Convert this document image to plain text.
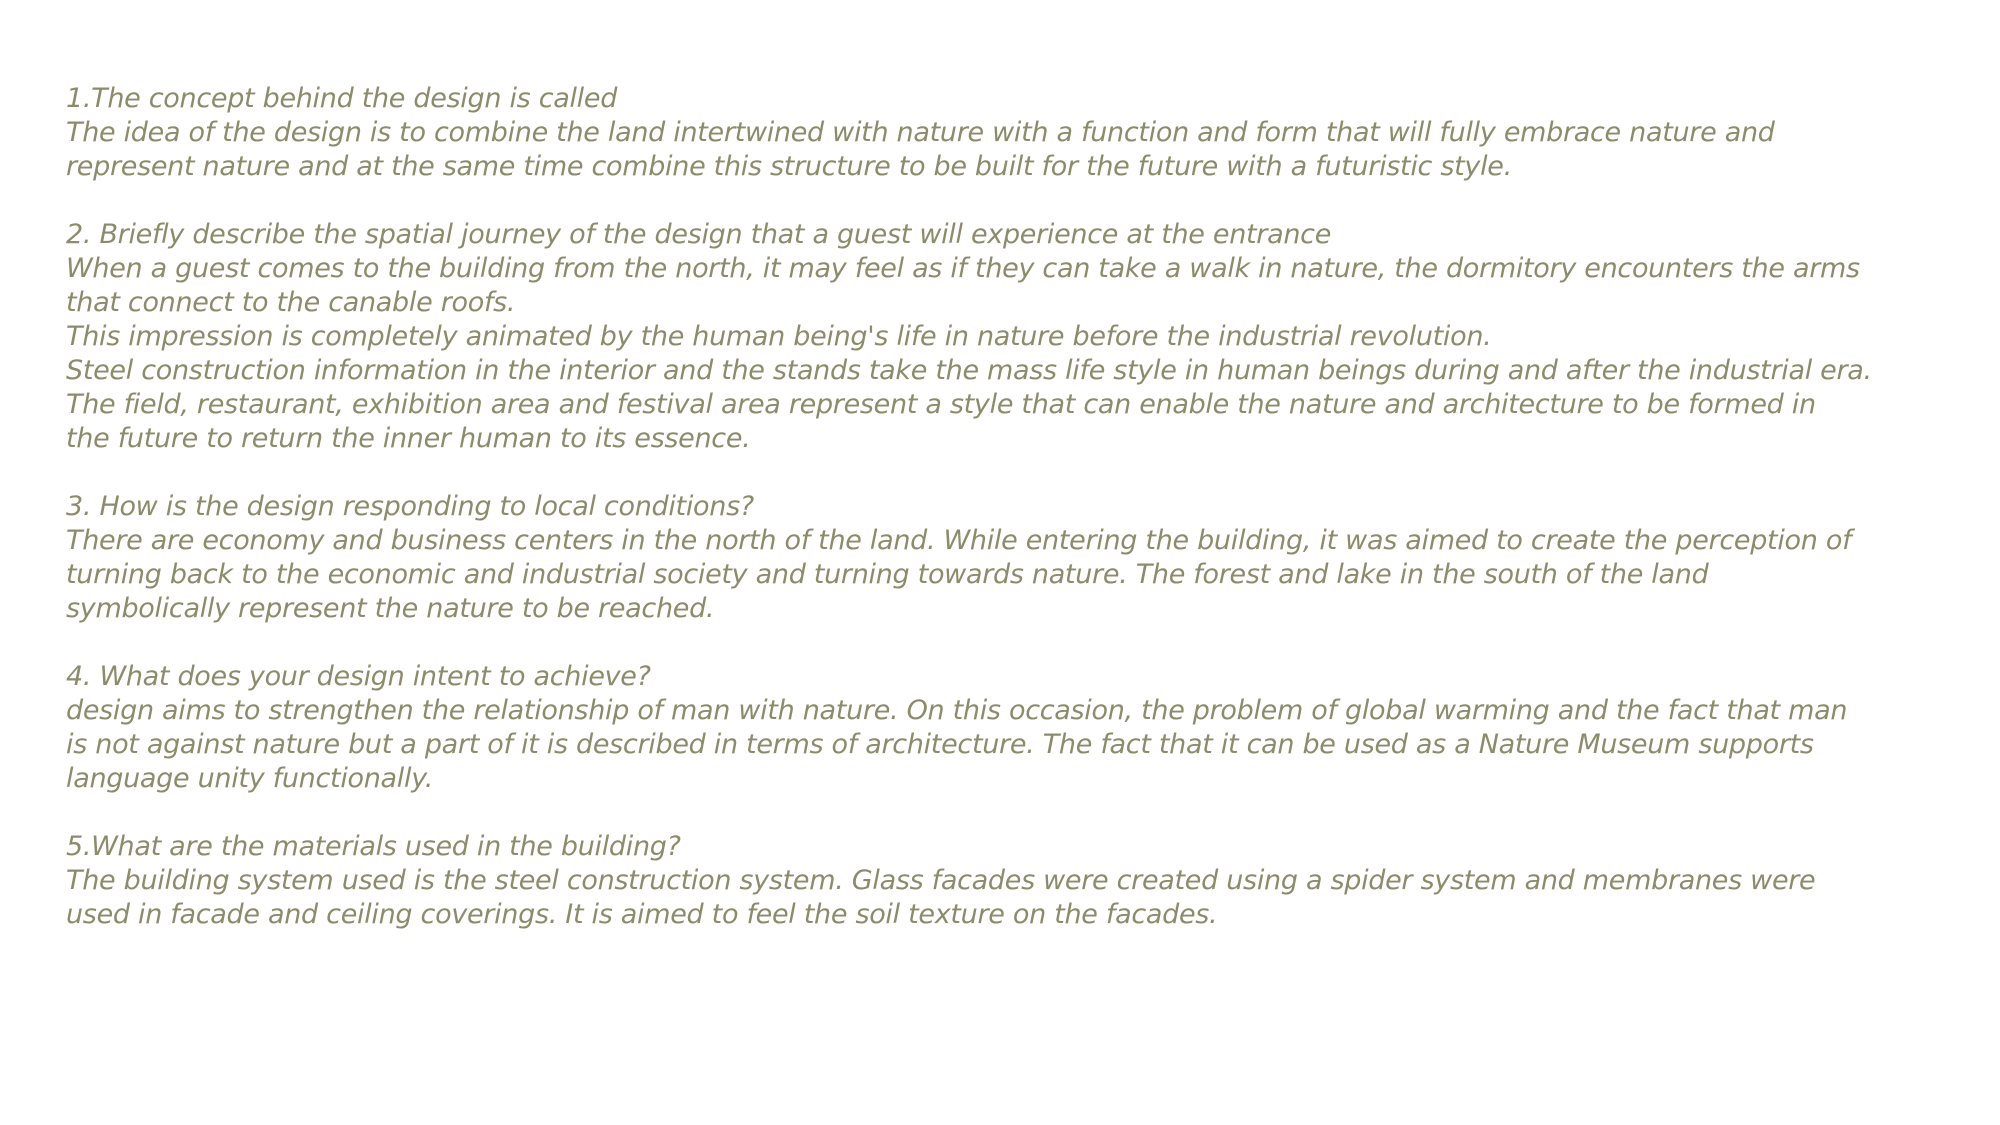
1.The concept behind the design is called

The idea of the design is to combine the land intertwined with nature with a function and form that will fully embrace nature and
represent nature and at the same time combine this structure to be built for the future with a futuristic style.

2. Briefly describe the spatial journey of the design that a guest will experience at the entrance

When a guest comes to the building from the north, it may feel as if they can take a walk in nature, the dormitory encounters the arms
that connect to the canable roofs.
This impression is completely animated by the human being's life in nature before the industrial revolution.
Steel construction information in the interior and the stands take the mass life style in human beings during and after the industrial era.
The field, restaurant, exhibition area and festival area represent a style that can enable the nature and architecture to be formed in
the future to return the inner human to its essence.

3. How is the design responding to local conditions?

There are economy and business centers in the north of the land. While entering the building, it was aimed to create the perception of
turning back to the economic and industrial society and turning towards nature. The forest and lake in the south of the land
symbolically represent the nature to be reached.

4. What does your design intent to achieve?

design aims to strengthen the relationship of man with nature. On this occasion, the problem of global warming and the fact that man
is not against nature but a part of it is described in terms of architecture. The fact that it can be used as a Nature Museum supports
language unity functionally.

5.What are the materials used in the building?

The building system used is the steel construction system. Glass facades were created using a spider system and membranes were
used in facade and ceiling coverings. It is aimed to feel the soil texture on the facades.
